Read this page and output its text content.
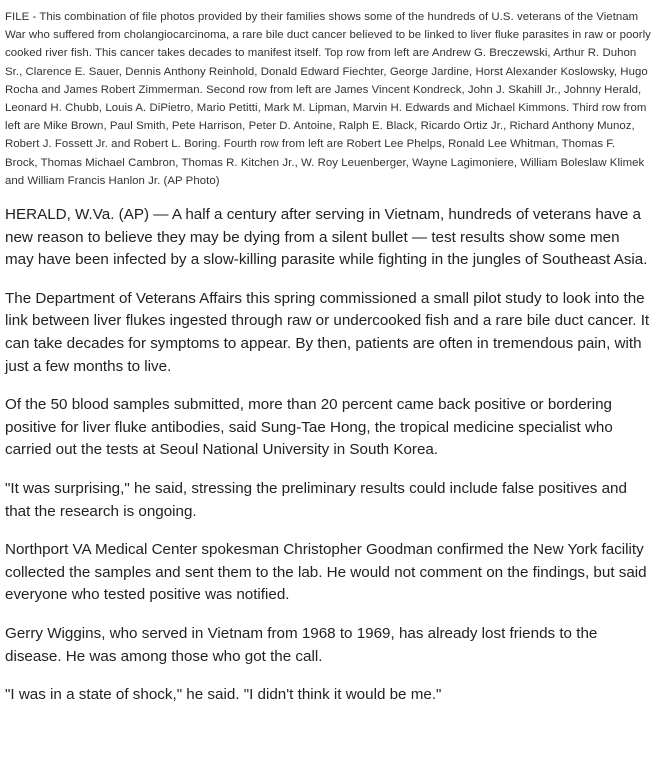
FILE - This combination of file photos provided by their families shows some of the hundreds of U.S. veterans of the Vietnam War who suffered from cholangiocarcinoma, a rare bile duct cancer believed to be linked to liver fluke parasites in raw or poorly cooked river fish. This cancer takes decades to manifest itself. Top row from left are Andrew G. Breczewski, Arthur R. Duhon Sr., Clarence E. Sauer, Dennis Anthony Reinhold, Donald Edward Fiechter, George Jardine, Horst Alexander Koslowsky, Hugo Rocha and James Robert Zimmerman. Second row from left are James Vincent Kondreck, John J. Skahill Jr., Johnny Herald, Leonard H. Chubb, Louis A. DiPietro, Mario Petitti, Mark M. Lipman, Marvin H. Edwards and Michael Kimmons. Third row from left are Mike Brown, Paul Smith, Pete Harrison, Peter D. Antoine, Ralph E. Black, Ricardo Ortiz Jr., Richard Anthony Munoz, Robert J. Fossett Jr. and Robert L. Boring. Fourth row from left are Robert Lee Phelps, Ronald Lee Whitman, Thomas F. Brock, Thomas Michael Cambron, Thomas R. Kitchen Jr., W. Roy Leuenberger, Wayne Lagimoniere, William Boleslaw Klimek and William Francis Hanlon Jr. (AP Photo)

HERALD, W.Va. (AP) — A half a century after serving in Vietnam, hundreds of veterans have a new reason to believe they may be dying from a silent bullet — test results show some men may have been infected by a slow-killing parasite while fighting in the jungles of Southeast Asia.

The Department of Veterans Affairs this spring commissioned a small pilot study to look into the link between liver flukes ingested through raw or undercooked fish and a rare bile duct cancer. It can take decades for symptoms to appear. By then, patients are often in tremendous pain, with just a few months to live.

Of the 50 blood samples submitted, more than 20 percent came back positive or bordering positive for liver fluke antibodies, said Sung-Tae Hong, the tropical medicine specialist who carried out the tests at Seoul National University in South Korea.

"It was surprising," he said, stressing the preliminary results could include false positives and that the research is ongoing.

Northport VA Medical Center spokesman Christopher Goodman confirmed the New York facility collected the samples and sent them to the lab. He would not comment on the findings, but said everyone who tested positive was notified.

Gerry Wiggins, who served in Vietnam from 1968 to 1969, has already lost friends to the disease. He was among those who got the call.

"I was in a state of shock," he said. "I didn't think it would be me."
